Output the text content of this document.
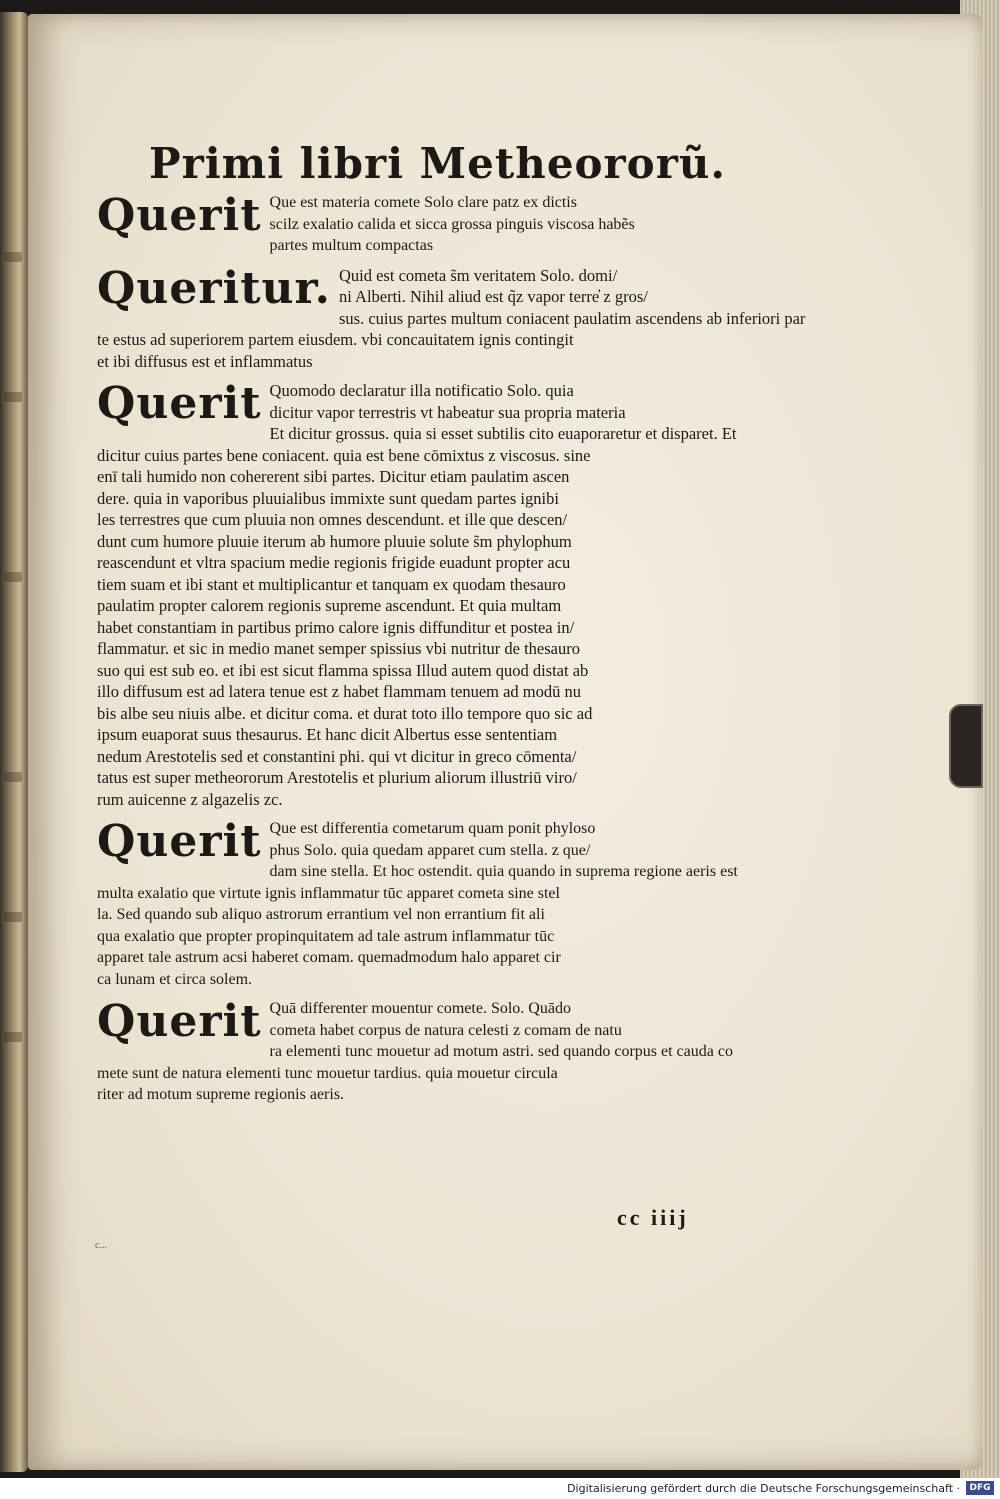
Primi libri Metheororũ.
Querit Que est materia comete Solo clare patz ex dictis
scilz exalatio calida et sicca grossa pinguis viscosa habẽs
partes multum compactas
Queritur. Quid est cometa s̃m veritatem Solo. domi/
ni Alberti. Nihil aliud est q̃z vapor terre̓ z gros/
sus. cuius partes multum coniacent paulatim ascendens ab inferiori par
te estus ad superiorem partem eiusdem. vbi concauitatem ignis contingit
et ibi diffusus est et inflammatus
Querit Quomodo declaratur illa notificatio Solo. quia
dicitur vapor terrestris vt habeatur sua propria materia
Et dicitur grossus. quia si esset subtilis cito euaporaretur et disparet. Et
dicitur cuius partes bene coniacent. quia est bene cōmixtus z viscosus. sine
enī tali humido non cohererent sibi partes. Dicitur etiam paulatim ascen
dere. quia in vaporibus pluuialibus immixte sunt quedam partes ignibi
les terrestres que cum pluuia non omnes descendunt. et ille que descen/
dunt cum humore pluuie iterum ab humore pluuie solute s̃m phylophum
reascendunt et vltra spacium medie regionis frigide euadunt propter acu
tiem suam et ibi stant et multiplicantur et tanquam ex quodam thesauro
paulatim propter calorem regionis supreme ascendunt. Et quia multam
habet constantiam in partibus primo calore ignis diffunditur et postea in/
flammatur. et sic in medio manet semper spissius vbi nutritur de thesauro
suo qui est sub eo. et ibi est sicut flamma spissa Illud autem quod distat ab
illo diffusum est ad latera tenue est z habet flammam tenuem ad modū nu
bis albe seu niuis albe. et dicitur coma. et durat toto illo tempore quo sic ad
ipsum euaporat suus thesaurus. Et hanc dicit Albertus esse sententiam
nedum Arestotelis sed et constantini phi. qui vt dicitur in greco cōmenta/
tatus est super metheororum Arestotelis et plurium aliorum illustriū viro/
rum auicenne z algazelis zc.
Querit Que est differentia cometarum quam ponit phyloso
phus Solo. quia quedam apparet cum stella. z que/
dam sine stella. Et hoc ostendit. quia quando in suprema regione aeris est
multa exalatio que virtute ignis inflammatur tūc apparet cometa sine stel
la. Sed quando sub aliquo astrorum errantium vel non errantium fit ali
qua exalatio que propter propinquitatem ad tale astrum inflammatur tūc
apparet tale astrum acsi haberet comam. quemadmodum halo apparet cir
ca lunam et circa solem.
Querit Quā differenter mouentur comete. Solo. Quādo
cometa habet corpus de natura celesti z comam de natu
ra elementi tunc mouetur ad motum astri. sed quando corpus et cauda co
mete sunt de natura elementi tunc mouetur tardius. quia mouetur circula
riter ad motum supreme regionis aeris.
cc iiij
c...
Digitalisierung gefördert durch die Deutsche Forschungsgemeinschaft ·	DFG
